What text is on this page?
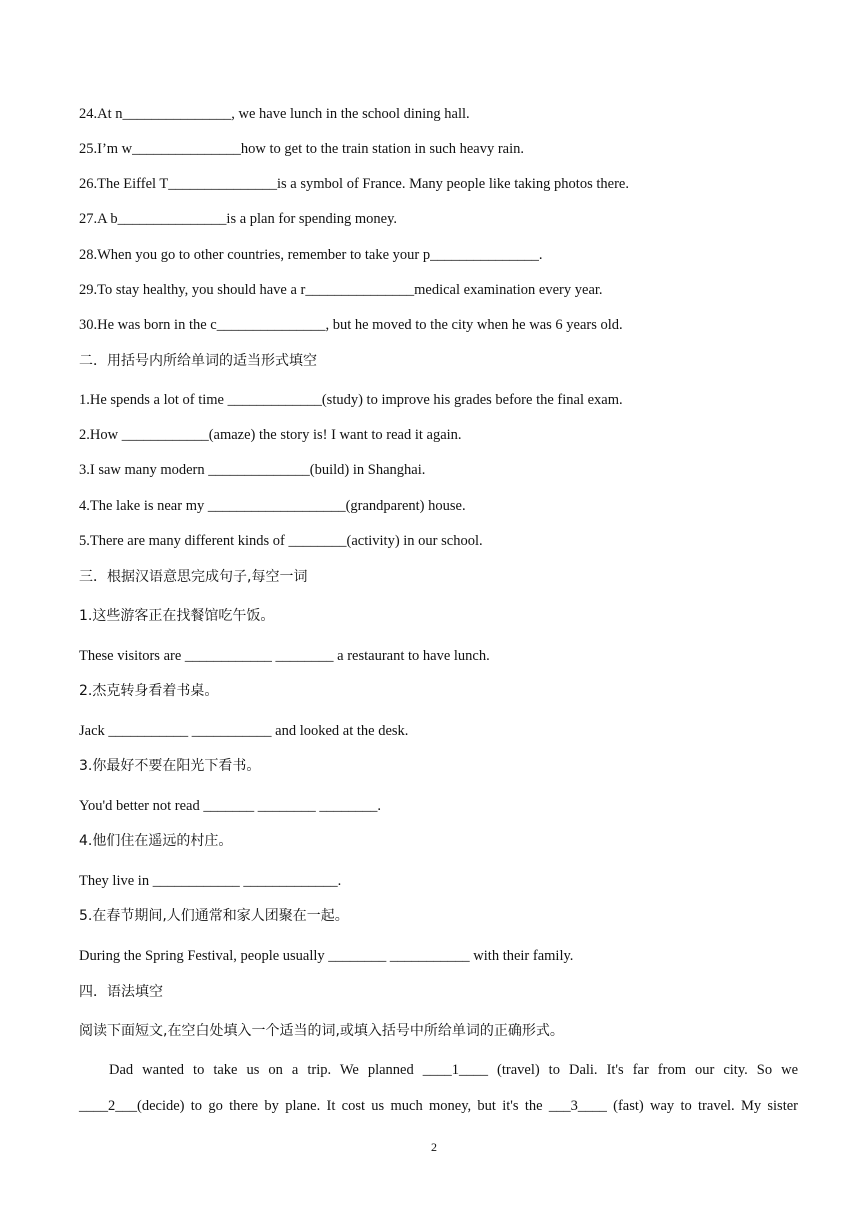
24.At n_______________, we have lunch in the school dining hall.
25.I’m w_______________how to get to the train station in such heavy rain.
26.The Eiffel T_______________is a symbol of France. Many people like taking photos there.
27.A b_______________is a plan for spending money.
28.When you go to other countries, remember to take your p_______________.
29.To stay healthy, you should have a r_______________medical examination every year.
30.He was born in the c_______________, but he moved to the city when he was 6 years old.
二．用括号内所给单词的适当形式填空
1.He spends a lot of time _____________(study) to improve his grades before the final exam.
2.How ____________(amaze) the story is! I want to read it again.
3.I saw many modern ______________(build) in Shanghai.
4.The lake is near my ___________________(grandparent) house.
5.There are many different kinds of ________(activity) in our school.
三．根据汉语意思完成句子,每空一词
1.这些游客正在找餐馆吃午饭。
These visitors are ____________ ________ a restaurant to have lunch.
2.杰克转身看着书桌。
Jack ___________ ___________ and looked at the desk.
3.你最好不要在阳光下看书。
You'd better not read _______ ________ ________.
4.他们住在遥远的村庄。
They live in ____________ _____________.
5.在春节期间,人们通常和家人团聚在一起。
During the Spring Festival, people usually ________ ___________ with their family.
四．语法填空
阅读下面短文,在空白处填入一个适当的词,或填入括号中所给单词的正确形式。
Dad wanted to take us on a trip. We planned ____1____ (travel) to Dali. It's far from our city. So we
____2___(decide) to go there by plane. It cost us much money, but it's the ___3____ (fast) way to travel. My sister
2
